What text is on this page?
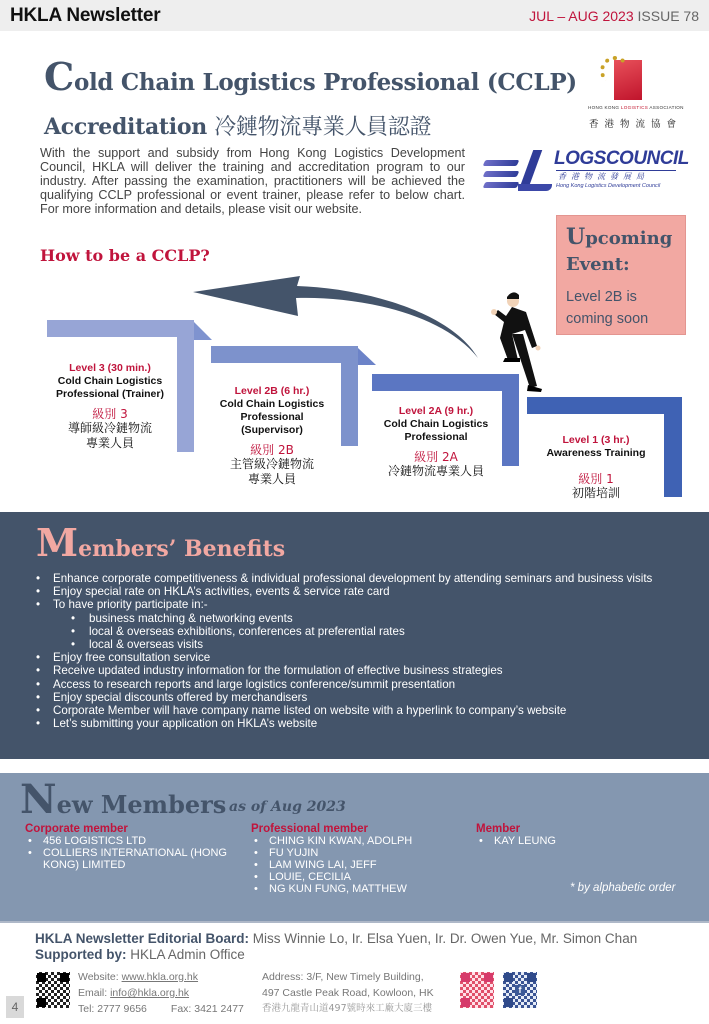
HKLA Newsletter	JUL – AUG 2023 ISSUE 78
Cold Chain Logistics Professional (CCLP)
Accreditation 冷鏈物流專業人員認證
HONG KONG LOGISTICS ASSOCIATION
香港物流協會
With the support and subsidy from Hong Kong Logistics Development Council, HKLA will deliver the training and accreditation program to our industry. After passing the examination, practitioners will be achieved the qualifying CCLP professional or event trainer, please refer to below chart. For more information and details, please visit our website.
LOGSCOUNCIL
香港物流發展局
Hong Kong Logistics Development Council
How to be a CCLP?
Upcoming
Event:
Level 2B is coming soon
Level 3 (30 min.)
Cold Chain Logistics
Professional (Trainer)
級別 3
導師級冷鏈物流
專業人員
Level 2B (6 hr.)
Cold Chain Logistics
Professional
(Supervisor)
級別 2B
主管級冷鏈物流
專業人員
Level 2A (9 hr.)
Cold Chain Logistics
Professional
級別 2A
冷鏈物流專業人員
Level 1 (3 hr.)
Awareness Training
級別 1
初階培訓
Members’ Benefits
• Enhance corporate competitiveness & individual professional development by attending seminars and business visits
• Enjoy special rate on HKLA’s activities, events & service rate card
• To have priority participate in:-
• business matching & networking events
• local & overseas exhibitions, conferences at preferential rates
• local & overseas visits
• Enjoy free consultation service
• Receive updated industry information for the formulation of effective business strategies
• Access to research reports and large logistics conference/summit presentation
• Enjoy special discounts offered by merchandisers
• Corporate Member will have company name listed on website with a hyperlink to company’s website
• Let’s submitting your application on HKLA’s website
New Members as of Aug 2023
Corporate member
• 456 LOGISTICS LTD
• COLLIERS INTERNATIONAL (HONG KONG) LIMITED
Professional member
• CHING KIN KWAN, ADOLPH
• FU YUJIN
• LAM WING LAI, JEFF
• LOUIE, CECILIA
• NG KUN FUNG, MATTHEW
Member
• KAY LEUNG
* by alphabetic order
HKLA Newsletter Editorial Board: Miss Winnie Lo, Ir. Elsa Yuen, Ir. Dr. Owen Yue, Mr. Simon Chan
Supported by: HKLA Admin Office
Website: www.hkla.org.hk
Email: info@hkla.org.hk
Tel: 2777 9656 Fax: 3421 2477
Address: 3/F, New Timely Building,
497 Castle Peak Road, Kowloon, HK
香港九龍青山道497號時來工廠大廈三樓
f
4
